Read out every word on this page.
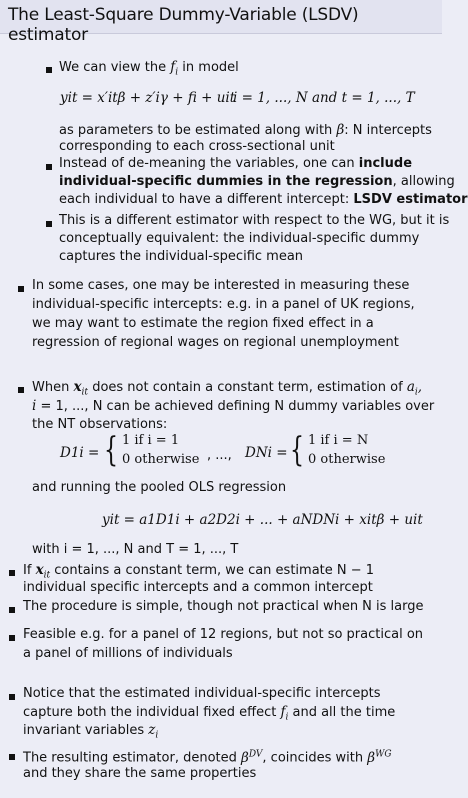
The Least-Square Dummy-Variable (LSDV) estimator
We can view the $f_i$ in model
yit = x′itβ + z′iγ + fi + uit
i = 1, ..., N and t = 1, ..., T
as parameters to be estimated along with β: N intercepts
corresponding to each cross-sectional unit
Instead of de-meaning the variables, one can include
individual-specific dummies in the regression, allowing
each individual to have a different intercept: LSDV estimator
This is a different estimator with respect to the WG, but it is
conceptually equivalent: the individual-specific dummy
captures the individual-specific mean
In some cases, one may be interested in measuring these
individual-specific intercepts: e.g. in a panel of UK regions,
we may want to estimate the region fixed effect in a
regression of regional wages on regional unemployment
When $x_{it}$ does not contain a constant term, estimation of $a_i$,
i = 1, ..., N can be achieved defining N dummy variables over
the NT observations:
D1i = { 1 if i = 1
0 otherwise , ..., DNi = { 1 if i = N
0 otherwise
and running the pooled OLS regression
yit = a1D1i + a2D2i + ... + aNDNi + xitβ + uit
with i = 1, ..., N and T = 1, ..., T
If $x_{it}$ contains a constant term, we can estimate N − 1
individual specific intercepts and a common intercept
The procedure is simple, though not practical when N is large
Feasible e.g. for a panel of 12 regions, but not so practical on
a panel of millions of individuals
Notice that the estimated individual-specific intercepts
capture both the individual fixed effect $f_i$ and all the time
invariant variables $z_i$
The resulting estimator, denoted $\beta^{DV}$, coincides with $\beta^{WG}$
and they share the same properties
